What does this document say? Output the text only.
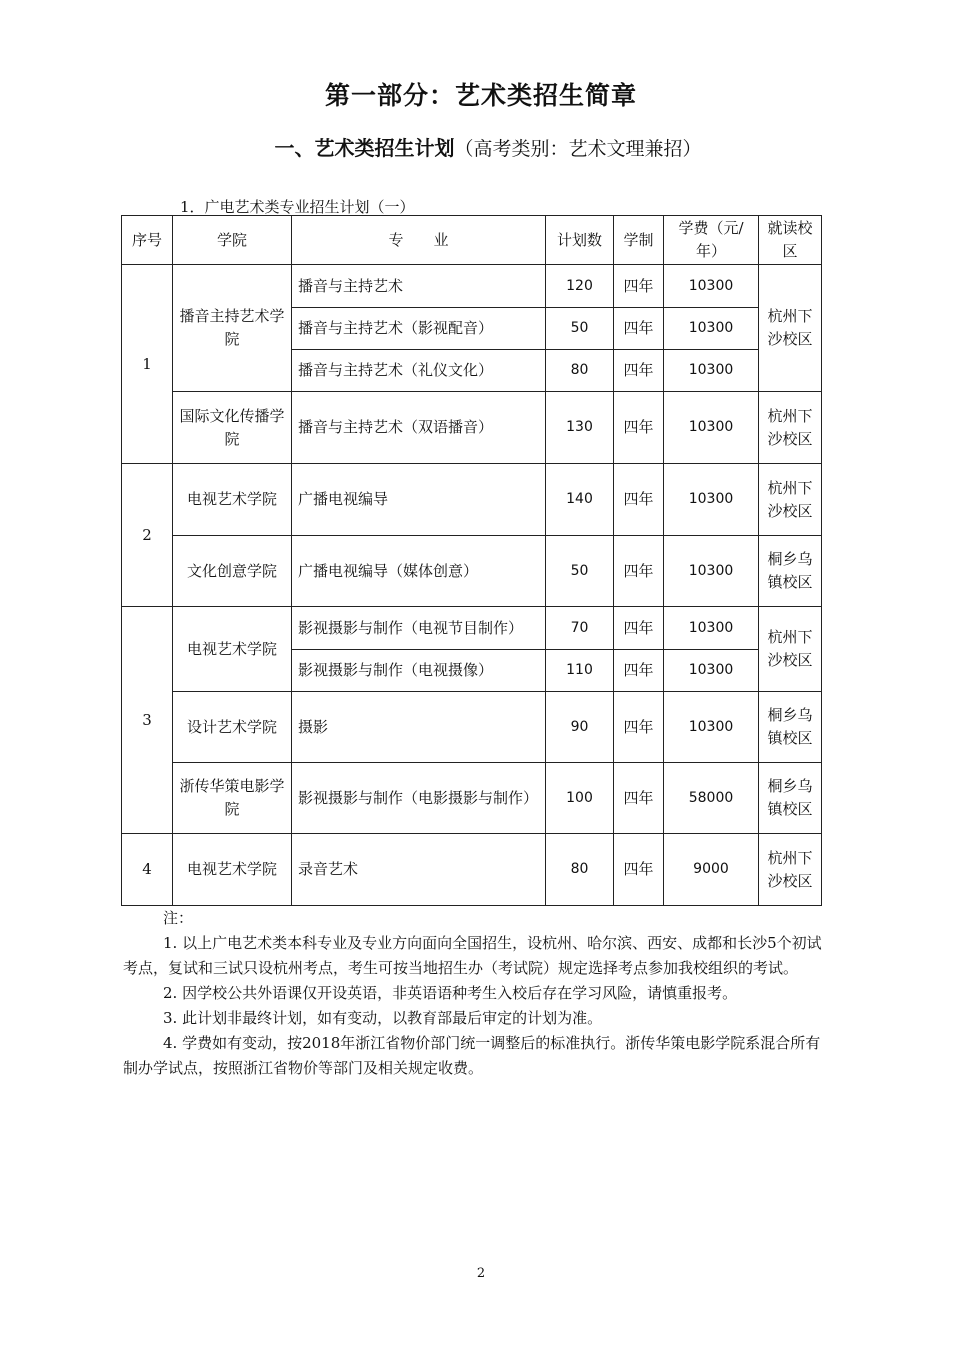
第一部分：艺术类招生简章
一、艺术类招生计划（高考类别：艺术文理兼招）
1．广电艺术类专业招生计划（一）
序号	学院	专　　业	计划数	学制	学费（元/年）	就读校区
1	播音主持艺术学院	播音与主持艺术	120	四年	10300	杭州下沙校区
		播音与主持艺术（影视配音）	50	四年	10300	
		播音与主持艺术（礼仪文化）	80	四年	10300	
	国际文化传播学院	播音与主持艺术（双语播音）	130	四年	10300	杭州下沙校区
2	电视艺术学院	广播电视编导	140	四年	10300	杭州下沙校区
	文化创意学院	广播电视编导（媒体创意）	50	四年	10300	桐乡乌镇校区
3	电视艺术学院	影视摄影与制作（电视节目制作）	70	四年	10300	杭州下沙校区
		影视摄影与制作（电视摄像）	110	四年	10300	
	设计艺术学院	摄影	90	四年	10300	桐乡乌镇校区
	浙传华策电影学院	影视摄影与制作（电影摄影与制作）	100	四年	58000	桐乡乌镇校区
4	电视艺术学院	录音艺术	80	四年	9000	杭州下沙校区
注：

1. 以上广电艺术类本科专业及专业方向面向全国招生，设杭州、哈尔滨、西安、成都和长沙5个初试考点，复试和三试只设杭州考点，考生可按当地招生办（考试院）规定选择考点参加我校组织的考试。

2. 因学校公共外语课仅开设英语，非英语语种考生入校后存在学习风险，请慎重报考。

3. 此计划非最终计划，如有变动，以教育部最后审定的计划为准。

4. 学费如有变动，按2018年浙江省物价部门统一调整后的标准执行。浙传华策电影学院系混合所有制办学试点，按照浙江省物价等部门及相关规定收费。

2
